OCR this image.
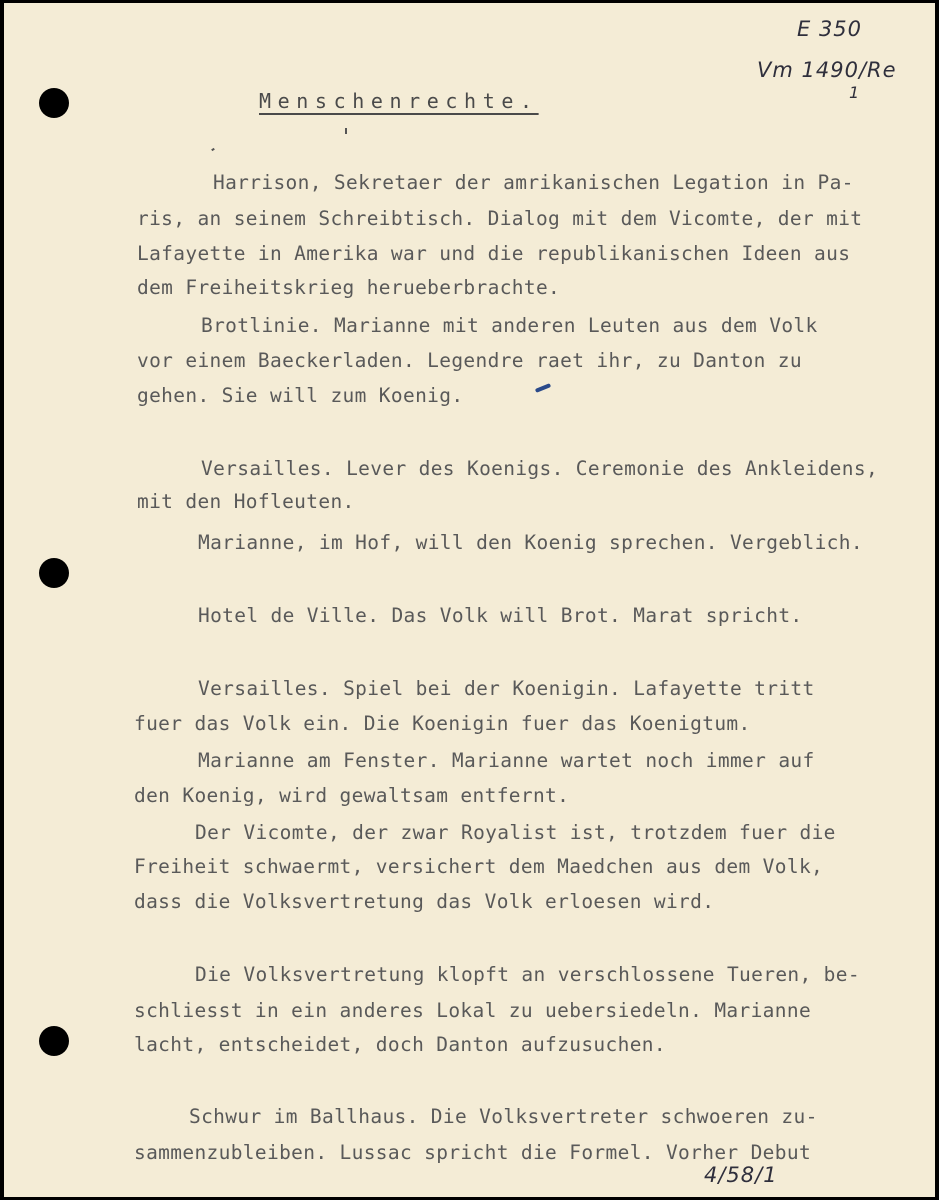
E 350
Vm 1490/Re
1
4/58/1
Menschenrechte.
Harrison, Sekretaer der amrikanischen Legation in Pa-
ris, an seinem Schreibtisch. Dialog mit dem Vicomte, der mit
Lafayette in Amerika war und die republikanischen Ideen aus
dem Freiheitskrieg herueberbrachte.
Brotlinie. Marianne mit anderen Leuten aus dem Volk
vor einem Baeckerladen. Legendre raet ihr, zu Danton zu
gehen. Sie will zum Koenig.
Versailles. Lever des Koenigs. Ceremonie des Ankleidens,
mit den Hofleuten.
Marianne, im Hof, will den Koenig sprechen. Vergeblich.
Hotel de Ville. Das Volk will Brot. Marat spricht.
Versailles. Spiel bei der Koenigin. Lafayette tritt
fuer das Volk ein. Die Koenigin fuer das Koenigtum.
Marianne am Fenster. Marianne wartet noch immer auf
den Koenig, wird gewaltsam entfernt.
Der Vicomte, der zwar Royalist ist, trotzdem fuer die
Freiheit schwaermt, versichert dem Maedchen aus dem Volk,
dass die Volksvertretung das Volk erloesen wird.
Die Volksvertretung klopft an verschlossene Tueren, be-
schliesst in ein anderes Lokal zu uebersiedeln. Marianne
lacht, entscheidet, doch Danton aufzusuchen.
Schwur im Ballhaus. Die Volksvertreter schwoeren zu-
sammenzubleiben. Lussac spricht die Formel. Vorher Debut
